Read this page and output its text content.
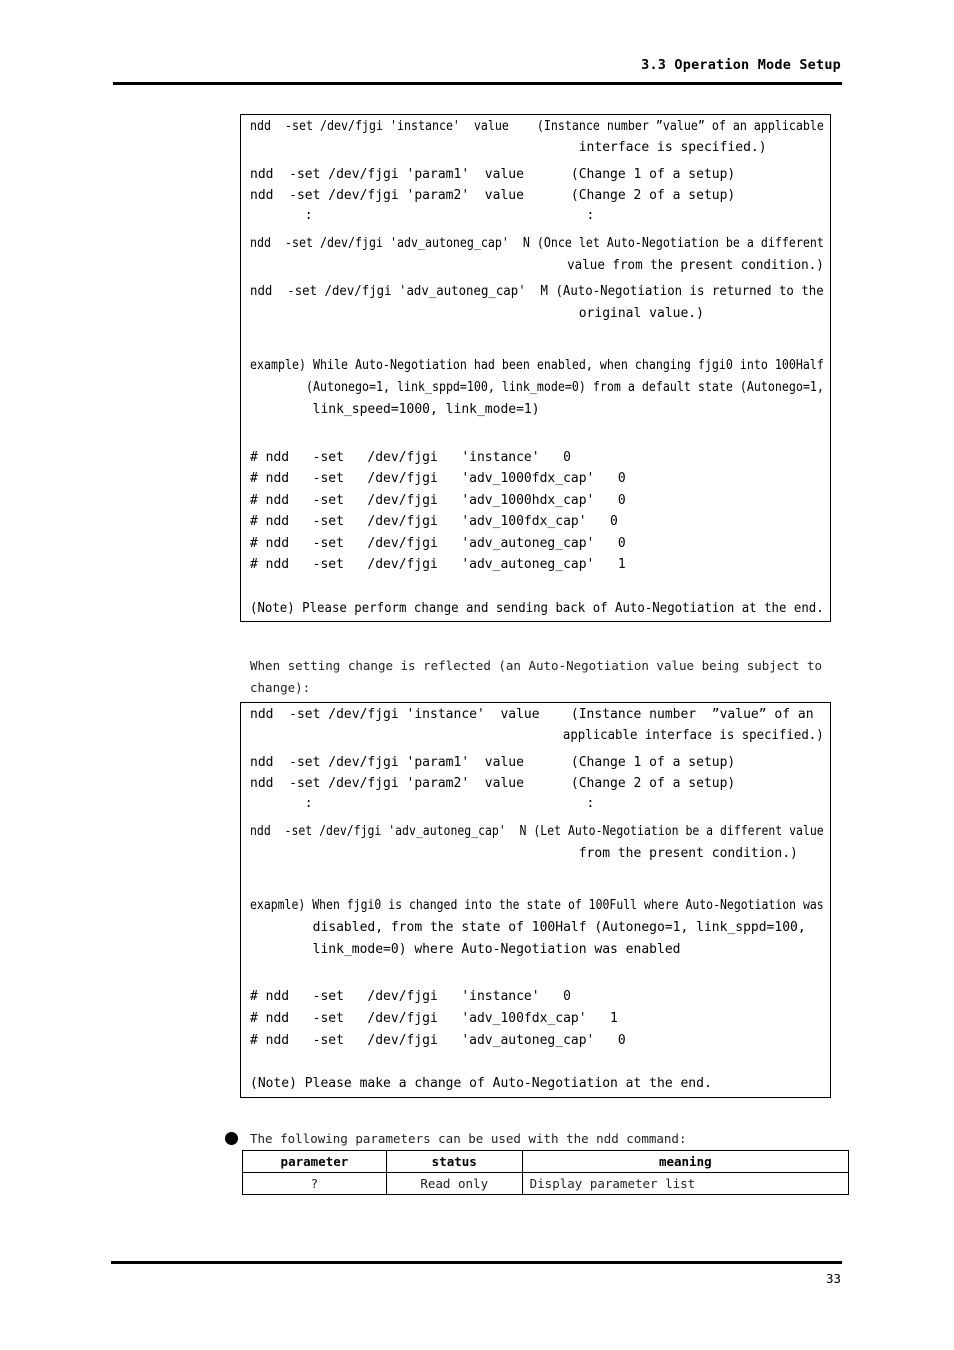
3.3 Operation Mode Setup
ndd  -set /dev/fjgi 'instance'  value    (Instance number ”value” of an applicable
interface is specified.)
ndd  -set /dev/fjgi 'param1'  value      (Change 1 of a setup)
ndd  -set /dev/fjgi 'param2'  value      (Change 2 of a setup)
:                                   :
ndd  -set /dev/fjgi 'adv_autoneg_cap'  N (Once let Auto-Negotiation be a different
value from the present condition.)
ndd  -set /dev/fjgi 'adv_autoneg_cap'  M (Auto-Negotiation is returned to the
original value.)
example) While Auto-Negotiation had been enabled, when changing fjgi0 into 100Half
(Autonego=1, link_sppd=100, link_mode=0) from a default state (Autonego=1,
link_speed=1000, link_mode=1)
# ndd   -set   /dev/fjgi   'instance'   0
# ndd   -set   /dev/fjgi   'adv_1000fdx_cap'   0
# ndd   -set   /dev/fjgi   'adv_1000hdx_cap'   0
# ndd   -set   /dev/fjgi   'adv_100fdx_cap'   0
# ndd   -set   /dev/fjgi   'adv_autoneg_cap'   0
# ndd   -set   /dev/fjgi   'adv_autoneg_cap'   1
(Note) Please perform change and sending back of Auto-Negotiation at the end.
When setting change is reflected (an Auto-Negotiation value being subject to change):
ndd  -set /dev/fjgi 'instance'  value    (Instance number  ”value” of an
applicable interface is specified.)
ndd  -set /dev/fjgi 'param1'  value      (Change 1 of a setup)
ndd  -set /dev/fjgi 'param2'  value      (Change 2 of a setup)
:                                   :
ndd  -set /dev/fjgi 'adv_autoneg_cap'  N (Let Auto-Negotiation be a different value
from the present condition.)
exapmle) When fjgi0 is changed into the state of 100Full where Auto-Negotiation was
disabled, from the state of 100Half (Autonego=1, link_sppd=100,
link_mode=0) where Auto-Negotiation was enabled
# ndd   -set   /dev/fjgi   'instance'   0
# ndd   -set   /dev/fjgi   'adv_100fdx_cap'   1
# ndd   -set   /dev/fjgi   'adv_autoneg_cap'   0
(Note) Please make a change of Auto-Negotiation at the end.
The following parameters can be used with the ndd command:
parameter	status	meaning
?	Read only	Display parameter list
33
